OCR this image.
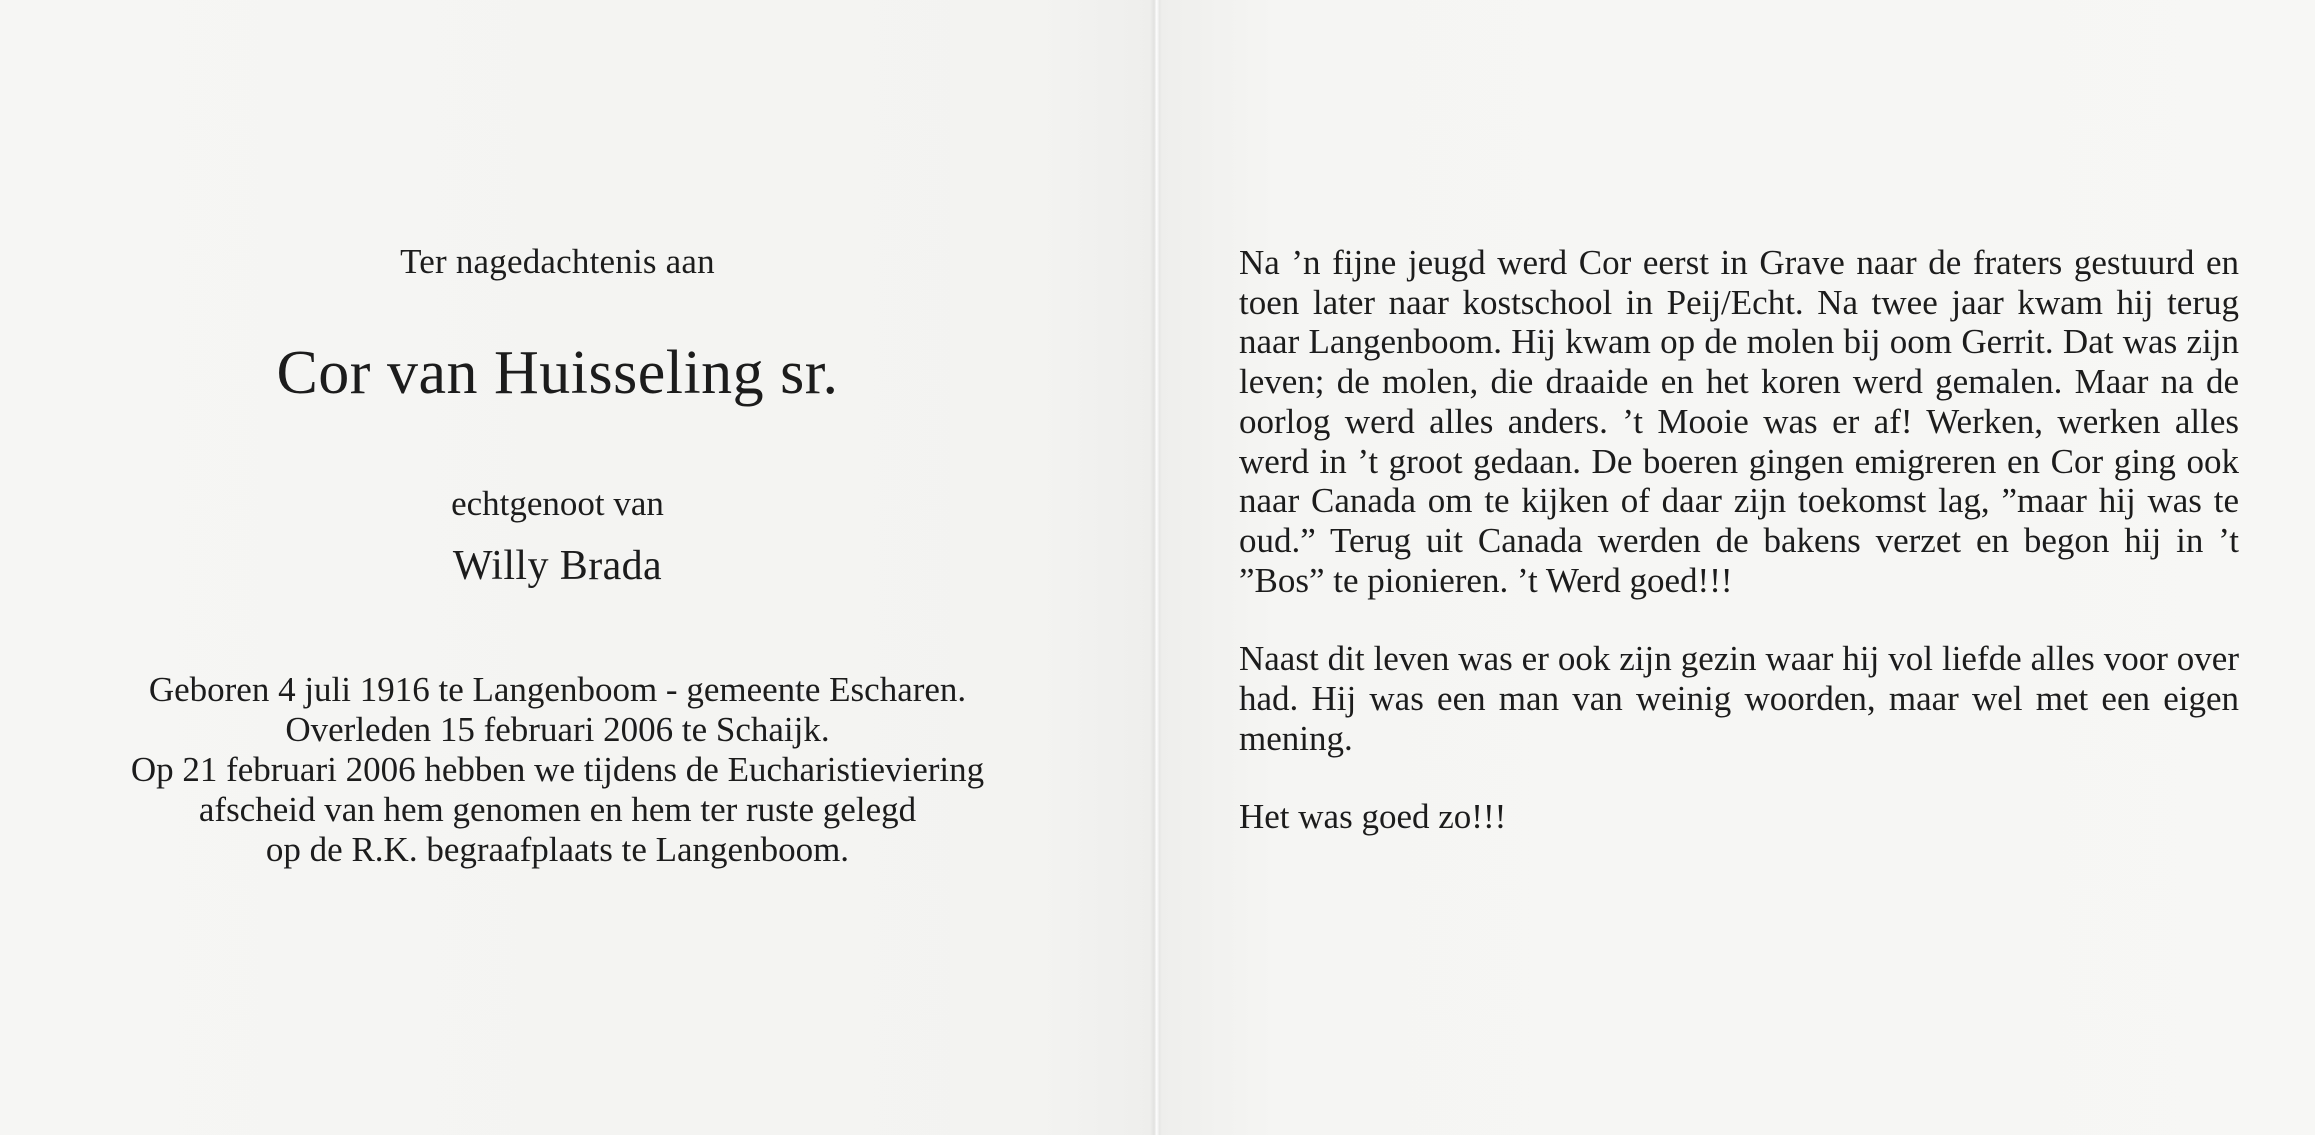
Ter nagedachtenis aan
Cor van Huisseling sr.
echtgenoot van
Willy Brada
Geboren 4 juli 1916 te Langenboom - gemeente Escharen.
Overleden 15 februari 2006 te Schaijk.
Op 21 februari 2006 hebben we tijdens de Eucharistieviering
afscheid van hem genomen en hem ter ruste gelegd
op de R.K. begraafplaats te Langenboom.

Na ’n fijne jeugd werd Cor eerst in Grave naar de fraters gestuurd en toen later naar kostschool in Peij/Echt. Na twee jaar kwam hij terug naar Langenboom. Hij kwam op de molen bij oom Gerrit. Dat was zijn leven; de molen, die draaide en het koren werd gemalen. Maar na de oorlog werd alles anders. ’t Mooie was er af! Werken, werken alles werd in ’t groot gedaan. De boeren gingen emigreren en Cor ging ook naar Canada om te kijken of daar zijn toekomst lag, ”maar hij was te oud.” Terug uit Canada werden de bakens verzet en begon hij in ’t ”Bos” te pionieren. ’t Werd goed!!!

Naast dit leven was er ook zijn gezin waar hij vol liefde alles voor over had. Hij was een man van weinig woorden, maar wel met een eigen mening.

Het was goed zo!!!
